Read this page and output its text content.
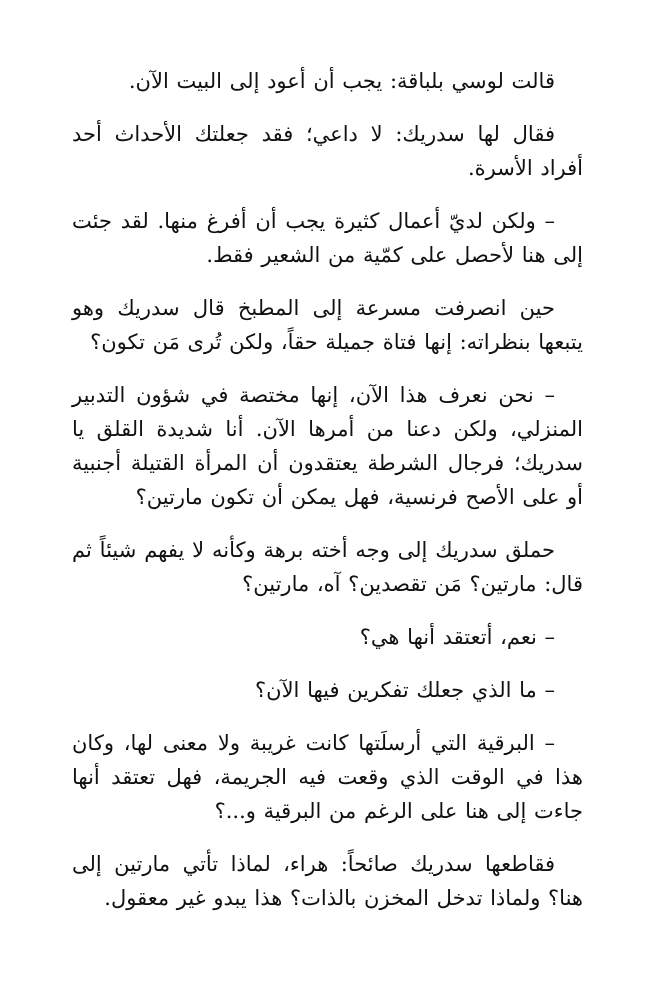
قالت لوسي بلباقة: يجب أن أعود إلى البيت الآن.

فقال لها سدريك: لا داعي؛ فقد جعلتك الأحداث أحد أفراد الأسرة.

– ولكن لديّ أعمال كثيرة يجب أن أفرغ منها. لقد جئت إلى هنا لأحصل على كمّية من الشعير فقط.

حين انصرفت مسرعة إلى المطبخ قال سدريك وهو يتبعها بنظراته: إنها فتاة جميلة حقاً، ولكن تُرى مَن تكون؟

– نحن نعرف هذا الآن، إنها مختصة في شؤون التدبير المنزلي، ولكن دعنا من أمرها الآن. أنا شديدة القلق يا سدريك؛ فرجال الشرطة يعتقدون أن المرأة القتيلة أجنبية أو على الأصح فرنسية، فهل يمكن أن تكون مارتين؟

حملق سدريك إلى وجه أخته برهة وكأنه لا يفهم شيئاً ثم قال: مارتين؟ مَن تقصدين؟ آه، مارتين؟

– نعم، أتعتقد أنها هي؟

– ما الذي جعلك تفكرين فيها الآن؟

– البرقية التي أرسلَتها كانت غريبة ولا معنى لها، وكان هذا في الوقت الذي وقعت فيه الجريمة، فهل تعتقد أنها جاءت إلى هنا على الرغم من البرقية و...؟

فقاطعها سدريك صائحاً: هراء، لماذا تأتي مارتين إلى هنا؟ ولماذا تدخل المخزن بالذات؟ هذا يبدو غير معقول.
